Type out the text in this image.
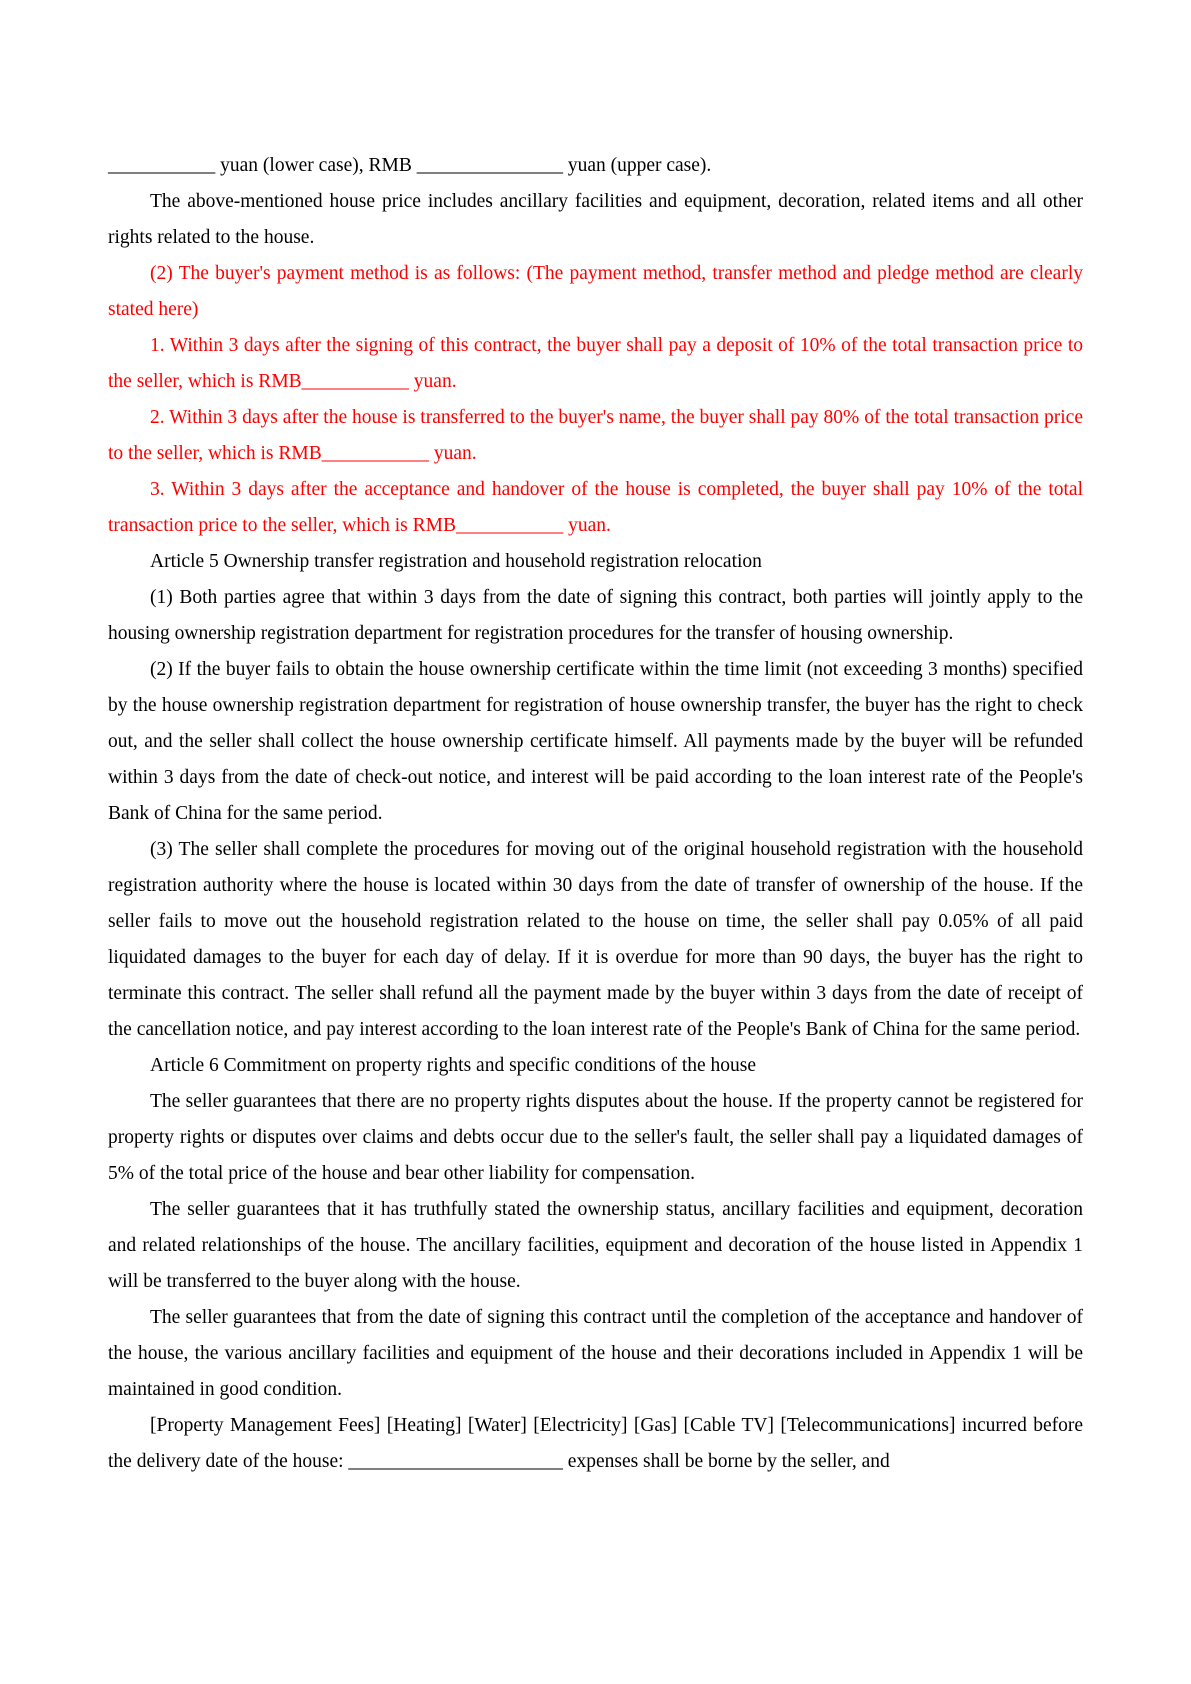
___________ yuan (lower case), RMB _______________ yuan (upper case).

The above-mentioned house price includes ancillary facilities and equipment, decoration, related items and all other rights related to the house.

(2) The buyer's payment method is as follows: (The payment method, transfer method and pledge method are clearly stated here)

1. Within 3 days after the signing of this contract, the buyer shall pay a deposit of 10% of the total transaction price to the seller, which is RMB___________ yuan.

2. Within 3 days after the house is transferred to the buyer's name, the buyer shall pay 80% of the total transaction price to the seller, which is RMB___________ yuan.

3. Within 3 days after the acceptance and handover of the house is completed, the buyer shall pay 10% of the total transaction price to the seller, which is RMB___________ yuan.

Article 5 Ownership transfer registration and household registration relocation

(1) Both parties agree that within 3 days from the date of signing this contract, both parties will jointly apply to the housing ownership registration department for registration procedures for the transfer of housing ownership.

(2) If the buyer fails to obtain the house ownership certificate within the time limit (not exceeding 3 months) specified by the house ownership registration department for registration of house ownership transfer, the buyer has the right to check out, and the seller shall collect the house ownership certificate himself. All payments made by the buyer will be refunded within 3 days from the date of check-out notice, and interest will be paid according to the loan interest rate of the People's Bank of China for the same period.

(3) The seller shall complete the procedures for moving out of the original household registration with the household registration authority where the house is located within 30 days from the date of transfer of ownership of the house. If the seller fails to move out the household registration related to the house on time, the seller shall pay 0.05% of all paid liquidated damages to the buyer for each day of delay. If it is overdue for more than 90 days, the buyer has the right to terminate this contract. The seller shall refund all the payment made by the buyer within 3 days from the date of receipt of the cancellation notice, and pay interest according to the loan interest rate of the People's Bank of China for the same period.

Article 6 Commitment on property rights and specific conditions of the house

The seller guarantees that there are no property rights disputes about the house. If the property cannot be registered for property rights or disputes over claims and debts occur due to the seller's fault, the seller shall pay a liquidated damages of 5% of the total price of the house and bear other liability for compensation.

The seller guarantees that it has truthfully stated the ownership status, ancillary facilities and equipment, decoration and related relationships of the house. The ancillary facilities, equipment and decoration of the house listed in Appendix 1 will be transferred to the buyer along with the house.

The seller guarantees that from the date of signing this contract until the completion of the acceptance and handover of the house, the various ancillary facilities and equipment of the house and their decorations included in Appendix 1 will be maintained in good condition.

[Property Management Fees] [Heating] [Water] [Electricity] [Gas] [Cable TV] [Telecommunications] incurred before the delivery date of the house: ______________________ expenses shall be borne by the seller, and
